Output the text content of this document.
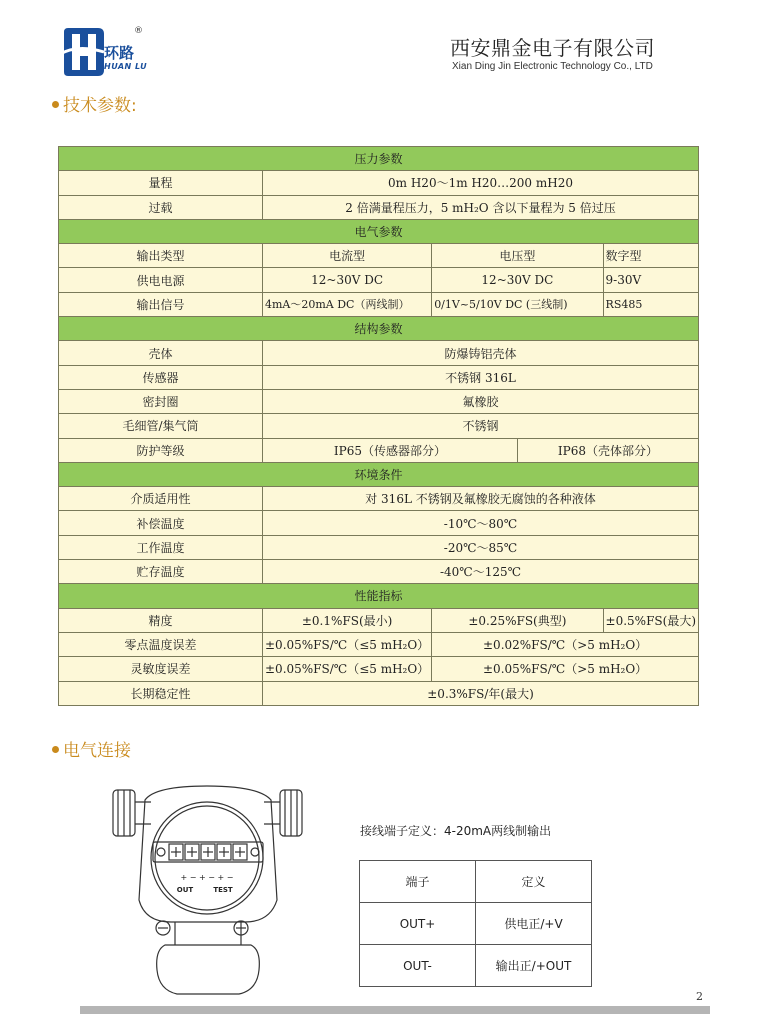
®
环路
HUAN LU
西安鼎金电子有限公司
Xian Ding Jin Electronic Technology Co., LTD
技术参数:
压力参数				
量程	0m H20～1m H20…200 mH20			
过载	2 倍满量程压力，5 mH₂O 含以下量程为 5 倍过压			
电气参数				
输出类型	电流型	电压型		数字型
供电电源	12~30V DC	12~30V DC		9-30V
输出信号	4mA～20mA DC（两线制）	0/1V~5/10V DC (三线制)		RS485
结构参数				
壳体	防爆铸铝壳体			
传感器	不锈钢 316L			
密封圈	氟橡胶			
毛细管/集气筒	不锈钢			
防护等级	IP65（传感器部分）		IP68（壳体部分）	
环境条件				
介质适用性	对 316L 不锈钢及氟橡胶无腐蚀的各种液体			
补偿温度	-10℃～80℃			
工作温度	-20℃～85℃			
贮存温度	-40℃～125℃			
性能指标				
精度	±0.1%FS(最小)	±0.25%FS(典型)		±0.5%FS(最大)
零点温度误差	±0.05%FS/℃（≤5 mH₂O）	±0.02%FS/℃（>5 mH₂O）		
灵敏度误差	±0.05%FS/℃（≤5 mH₂O）	±0.05%FS/℃（>5 mH₂O）		
长期稳定性	±0.3%FS/年(最大)			
电气连接
+ − + − + −
OUT	TEST
接线端子定义：4-20mA两线制输出
端子	定义
OUT+	供电正/+V
OUT-	输出正/+OUT
2
